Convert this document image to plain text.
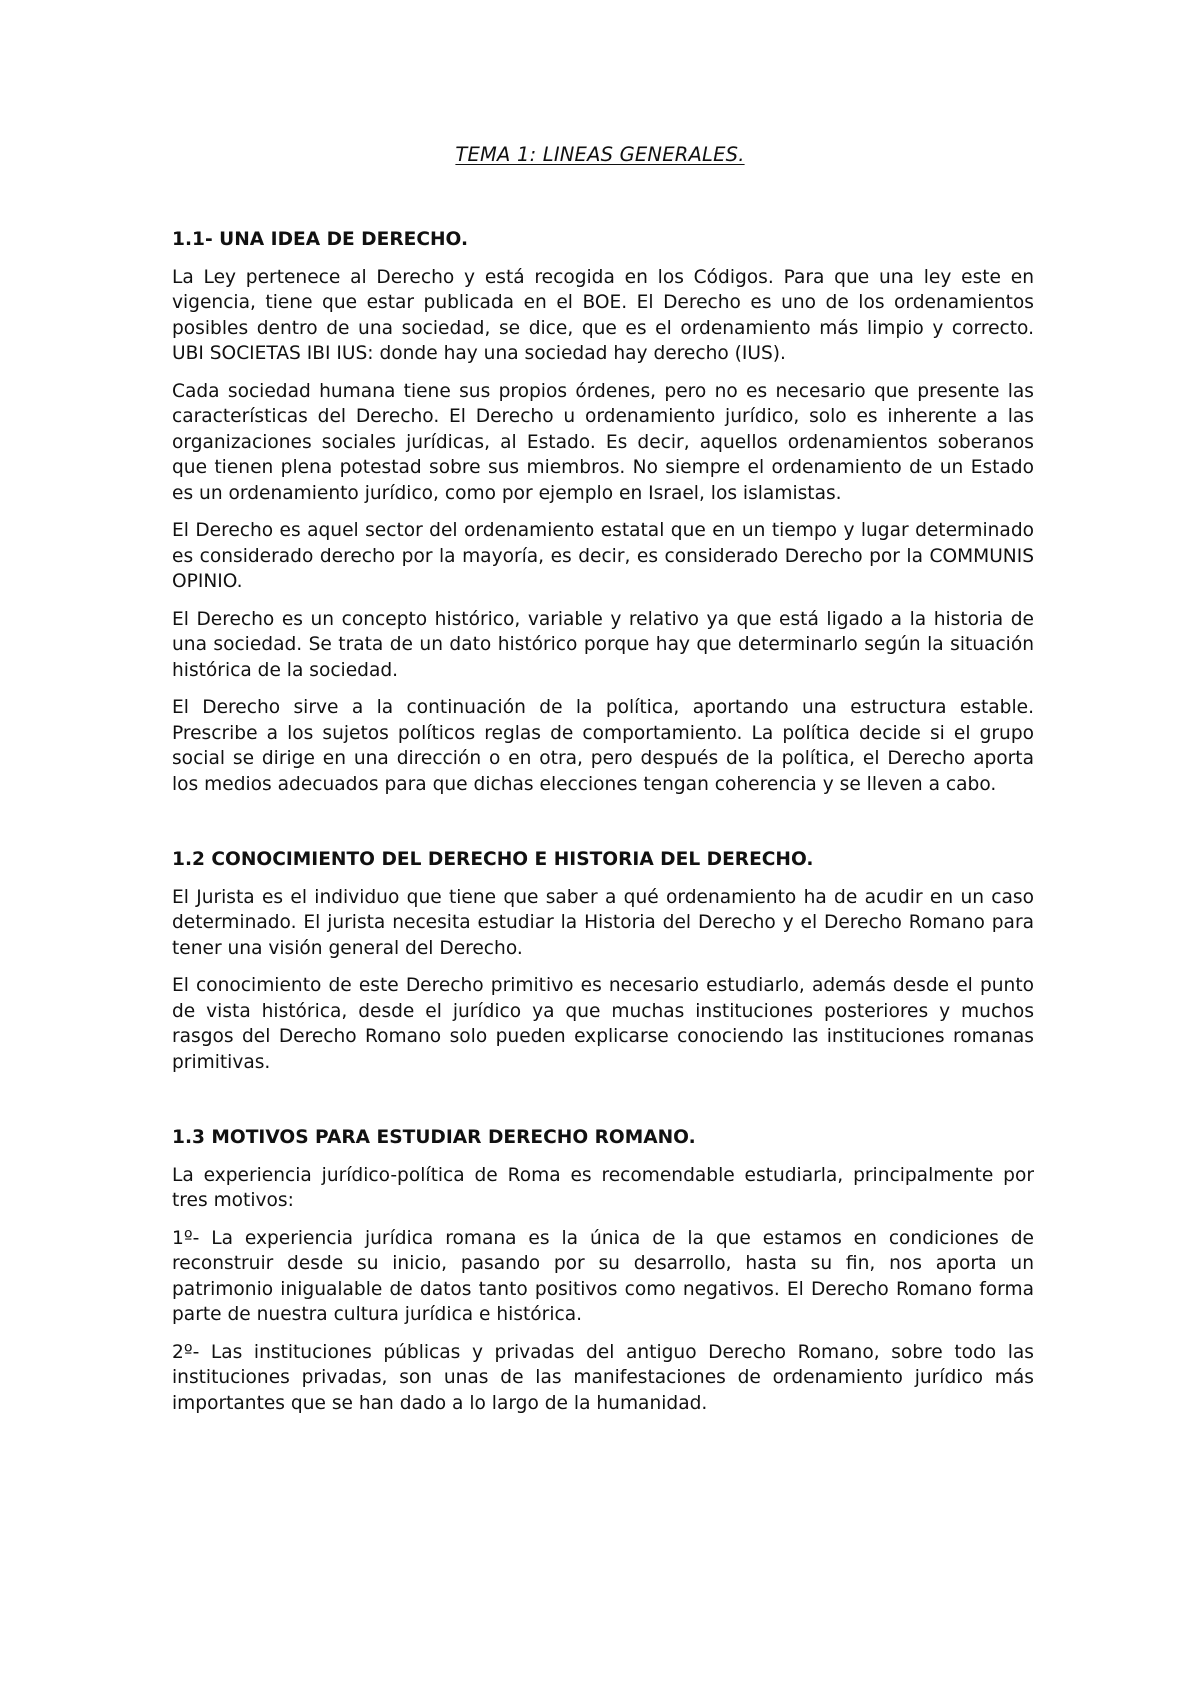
TEMA 1: LINEAS GENERALES.
1.1- UNA IDEA DE DERECHO.

La Ley pertenece al Derecho y está recogida en los Códigos. Para que una ley este en vigencia, tiene que estar publicada en el BOE. El Derecho es uno de los ordenamientos posibles dentro de una sociedad, se dice, que es el ordenamiento más limpio y correcto. UBI SOCIETAS IBI IUS: donde hay una sociedad hay derecho (IUS).

Cada sociedad humana tiene sus propios órdenes, pero no es necesario que presente las características del Derecho. El Derecho u ordenamiento jurídico, solo es inherente a las organizaciones sociales jurídicas, al Estado. Es decir, aquellos ordenamientos soberanos que tienen plena potestad sobre sus miembros. No siempre el ordenamiento de un Estado es un ordenamiento jurídico, como por ejemplo en Israel, los islamistas.

El Derecho es aquel sector del ordenamiento estatal que en un tiempo y lugar determinado es considerado derecho por la mayoría, es decir, es considerado Derecho por la COMMUNIS OPINIO.

El Derecho es un concepto histórico, variable y relativo ya que está ligado a la historia de una sociedad. Se trata de un dato histórico porque hay que determinarlo según la situación histórica de la sociedad.

El Derecho sirve a la continuación de la política, aportando una estructura estable. Prescribe a los sujetos políticos reglas de comportamiento. La política decide si el grupo social se dirige en una dirección o en otra, pero después de la política, el Derecho aporta los medios adecuados para que dichas elecciones tengan coherencia y se lleven a cabo.

1.2 CONOCIMIENTO DEL DERECHO E HISTORIA DEL DERECHO.

El Jurista es el individuo que tiene que saber a qué ordenamiento ha de acudir en un caso determinado. El jurista necesita estudiar la Historia del Derecho y el Derecho Romano para tener una visión general del Derecho.

El conocimiento de este Derecho primitivo es necesario estudiarlo, además desde el punto de vista histórica, desde el jurídico ya que muchas instituciones posteriores y muchos rasgos del Derecho Romano solo pueden explicarse conociendo las instituciones romanas primitivas.

1.3 MOTIVOS PARA ESTUDIAR DERECHO ROMANO.

La experiencia jurídico-política de Roma es recomendable estudiarla, principalmente por tres motivos:

1º- La experiencia jurídica romana es la única de la que estamos en condiciones de reconstruir desde su inicio, pasando por su desarrollo, hasta su fin, nos aporta un patrimonio inigualable de datos tanto positivos como negativos. El Derecho Romano forma parte de nuestra cultura jurídica e histórica.

2º- Las instituciones públicas y privadas del antiguo Derecho Romano, sobre todo las instituciones privadas, son unas de las manifestaciones de ordenamiento jurídico más importantes que se han dado a lo largo de la humanidad.
